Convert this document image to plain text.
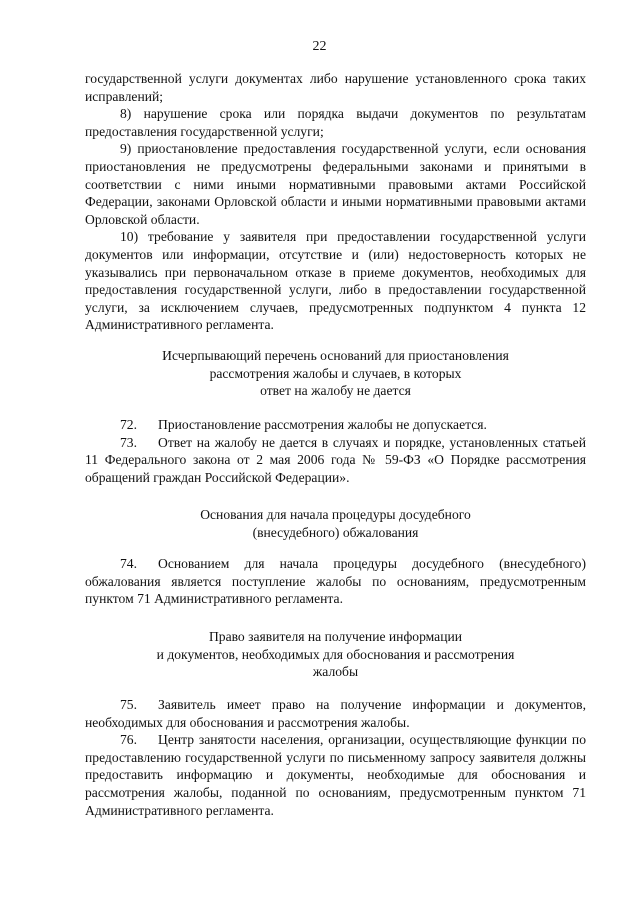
22

государственной услуги документах либо нарушение установленного срока таких исправлений;

8) нарушение срока или порядка выдачи документов по результатам предоставления государственной услуги;

9) приостановление предоставления государственной услуги, если основания приостановления не предусмотрены федеральными законами и принятыми в соответствии с ними иными нормативными правовыми актами Российской Федерации, законами Орловской области и иными нормативными правовыми актами Орловской области.

10) требование у заявителя при предоставлении государственной услуги документов или информации, отсутствие и (или) недостоверность которых не указывались при первоначальном отказе в приеме документов, необходимых для предоставления государственной услуги, либо в предоставлении государственной услуги, за исключением случаев, предусмотренных подпунктом 4 пункта 12 Административного регламента.

Исчерпывающий перечень оснований для приостановления
рассмотрения жалобы и случаев, в которых
ответ на жалобу не дается

72. Приостановление рассмотрения жалобы не допускается.

73. Ответ на жалобу не дается в случаях и порядке, установленных статьей 11 Федерального закона от 2 мая 2006 года № 59-ФЗ «О Порядке рассмотрения обращений граждан Российской Федерации».

Основания для начала процедуры досудебного
(внесудебного) обжалования

74. Основанием для начала процедуры досудебного (внесудебного) обжалования является поступление жалобы по основаниям, предусмотренным пунктом 71 Административного регламента.

Право заявителя на получение информации
и документов, необходимых для обоснования и рассмотрения
жалобы

75. Заявитель имеет право на получение информации и документов, необходимых для обоснования и рассмотрения жалобы.

76. Центр занятости населения, организации, осуществляющие функции по предоставлению государственной услуги по письменному запросу заявителя должны предоставить информацию и документы, необходимые для обоснования и рассмотрения жалобы, поданной по основаниям, предусмотренным пунктом 71 Административного регламента.
